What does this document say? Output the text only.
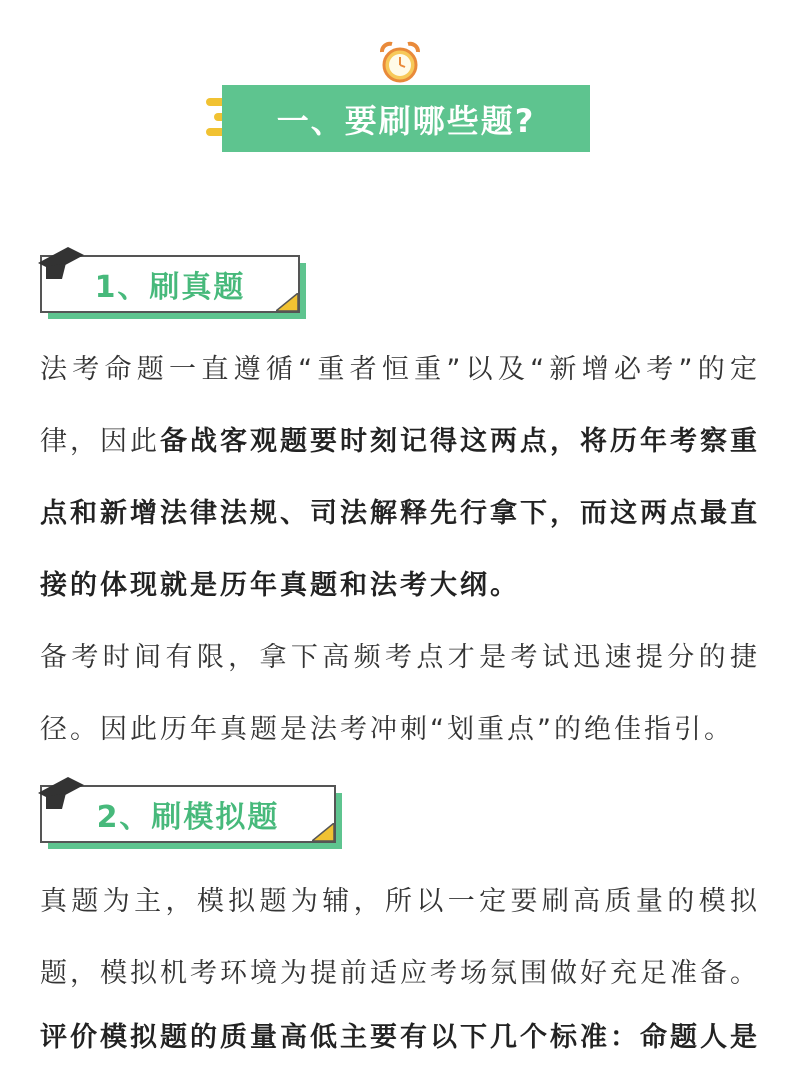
一、要刷哪些题?
1、刷真题

法考命题一直遵循“重者恒重”以及“新增必考”的定律，因此备战客观题要时刻记得这两点，将历年考察重点和新增法律法规、司法解释先行拿下，而这两点最直接的体现就是历年真题和法考大纲。

备考时间有限，拿下高频考点才是考试迅速提分的捷径。因此历年真题是法考冲刺“划重点”的绝佳指引。

2、刷模拟题

真题为主，模拟题为辅，所以一定要刷高质量的模拟题，模拟机考环境为提前适应考场氛围做好充足准备。

评价模拟题的质量高低主要有以下几个标准：命题人是
